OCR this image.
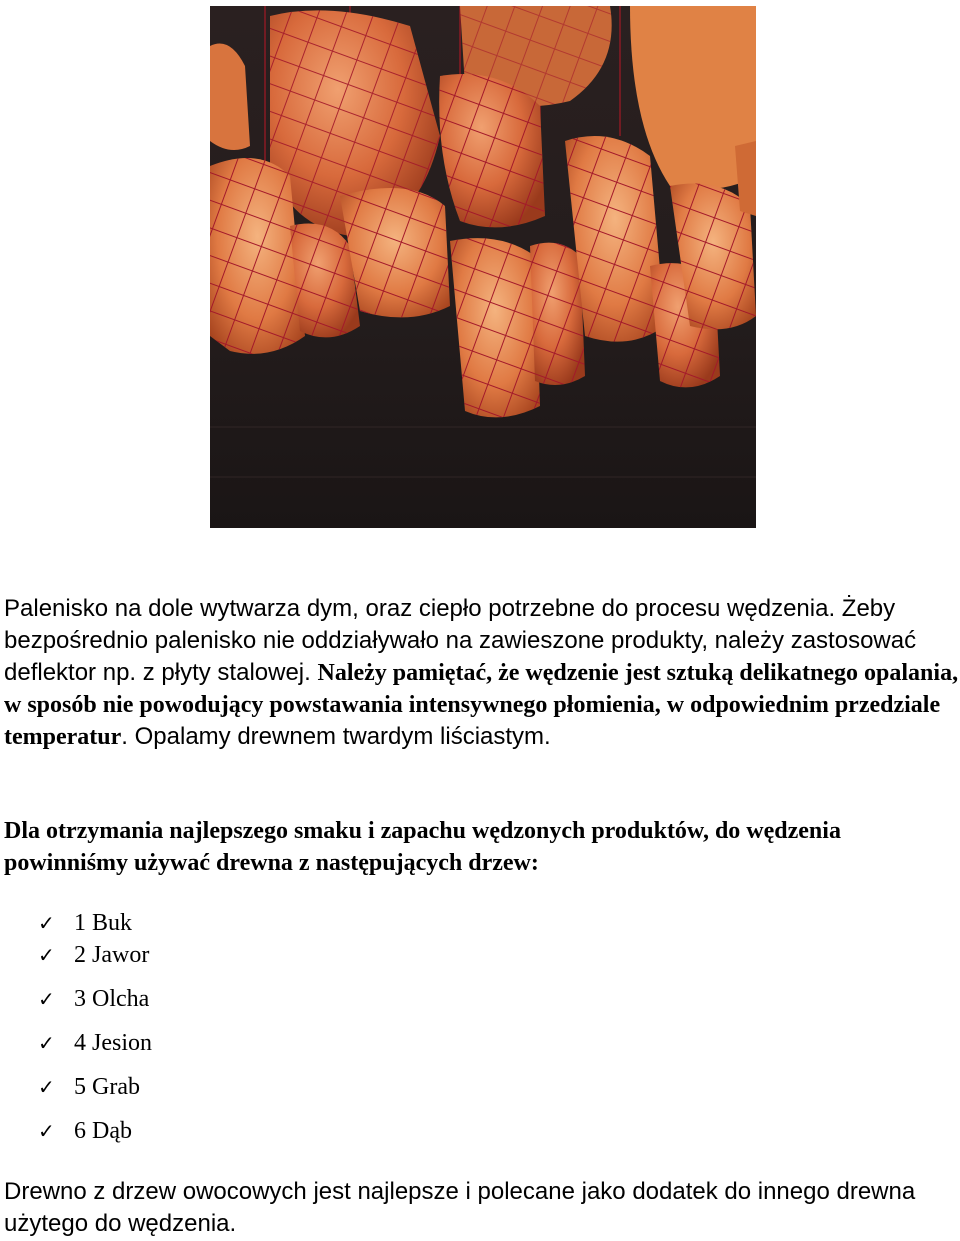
Palenisko na dole wytwarza dym, oraz ciepło potrzebne do procesu wędzenia. Żeby bezpośrednio palenisko nie oddziaływało na zawieszone produkty, należy zastosować deflektor np. z płyty stalowej. Należy pamiętać, że wędzenie jest sztuką delikatnego opalania, w sposób nie powodujący powstawania intensywnego płomienia, w odpowiednim przedziale temperatur. Opalamy drewnem twardym liściastym.

Dla otrzymania najlepszego smaku i zapachu wędzonych produktów, do wędzenia powinniśmy używać drewna z następujących drzew:

✓ 1 Buk
✓ 2 Jawor
✓ 3 Olcha
✓ 4 Jesion
✓ 5 Grab
✓ 6 Dąb

Drewno z drzew owocowych jest najlepsze i polecane jako dodatek do innego drewna użytego do wędzenia.
